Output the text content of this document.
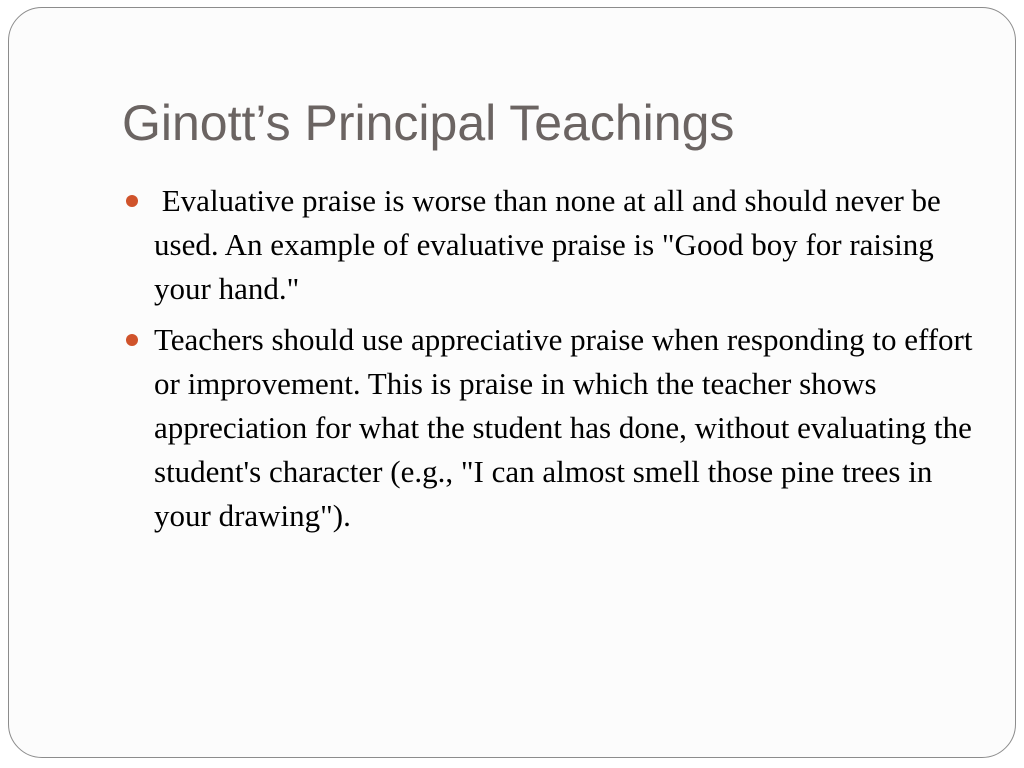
Ginott’s Principal Teachings
Evaluative praise is worse than none at all and should never be used. An example of evaluative praise is "Good boy for raising your hand."
Teachers should use appreciative praise when responding to effort or improvement. This is praise in which the teacher shows appreciation for what the student has done, without evaluating the student's character (e.g., "I can almost smell those pine trees in your drawing").
